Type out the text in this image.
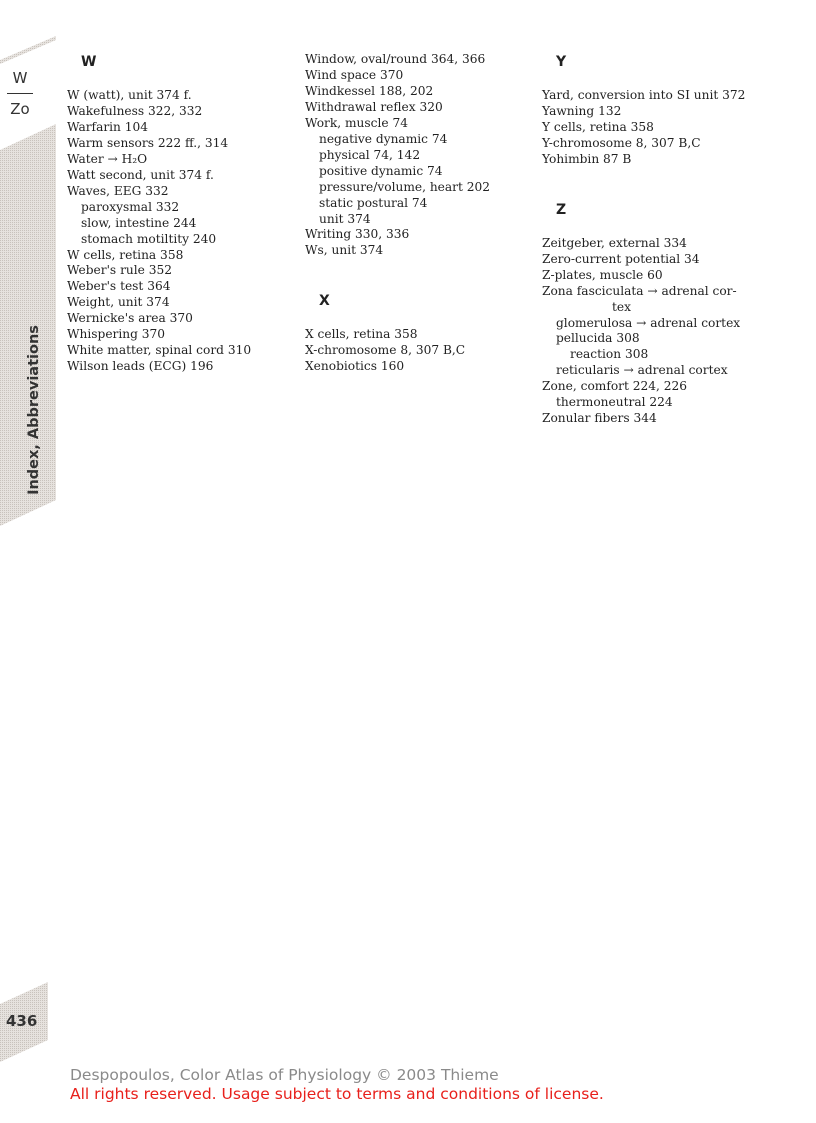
W
Zo
Index, Abbreviations
436
W
W (watt), unit 374 f.
Wakefulness 322, 332
Warfarin 104
Warm sensors 222 ff., 314
Water → H₂O
Watt second, unit 374 f.
Waves, EEG 332
paroxysmal 332
slow, intestine 244
stomach motiltity 240
W cells, retina 358
Weber's rule 352
Weber's test 364
Weight, unit 374
Wernicke's area 370
Whispering 370
White matter, spinal cord 310
Wilson leads (ECG) 196
Window, oval/round 364, 366
Wind space 370
Windkessel 188, 202
Withdrawal reflex 320
Work, muscle 74
negative dynamic 74
physical 74, 142
positive dynamic 74
pressure/volume, heart 202
static postural 74
unit 374
Writing 330, 336
Ws, unit 374
X
X cells, retina 358
X-chromosome 8, 307 B,C
Xenobiotics 160
Y
Yard, conversion into SI unit 372
Yawning 132
Y cells, retina 358
Y-chromosome 8, 307 B,C
Yohimbin 87 B
Z
Zeitgeber, external 334
Zero-current potential 34
Z-plates, muscle 60
Zona fasciculata → adrenal cor-
tex
glomerulosa → adrenal cortex
pellucida 308
reaction 308
reticularis → adrenal cortex
Zone, comfort 224, 226
thermoneutral 224
Zonular fibers 344
Despopoulos, Color Atlas of Physiology © 2003 Thieme
All rights reserved. Usage subject to terms and conditions of license.
